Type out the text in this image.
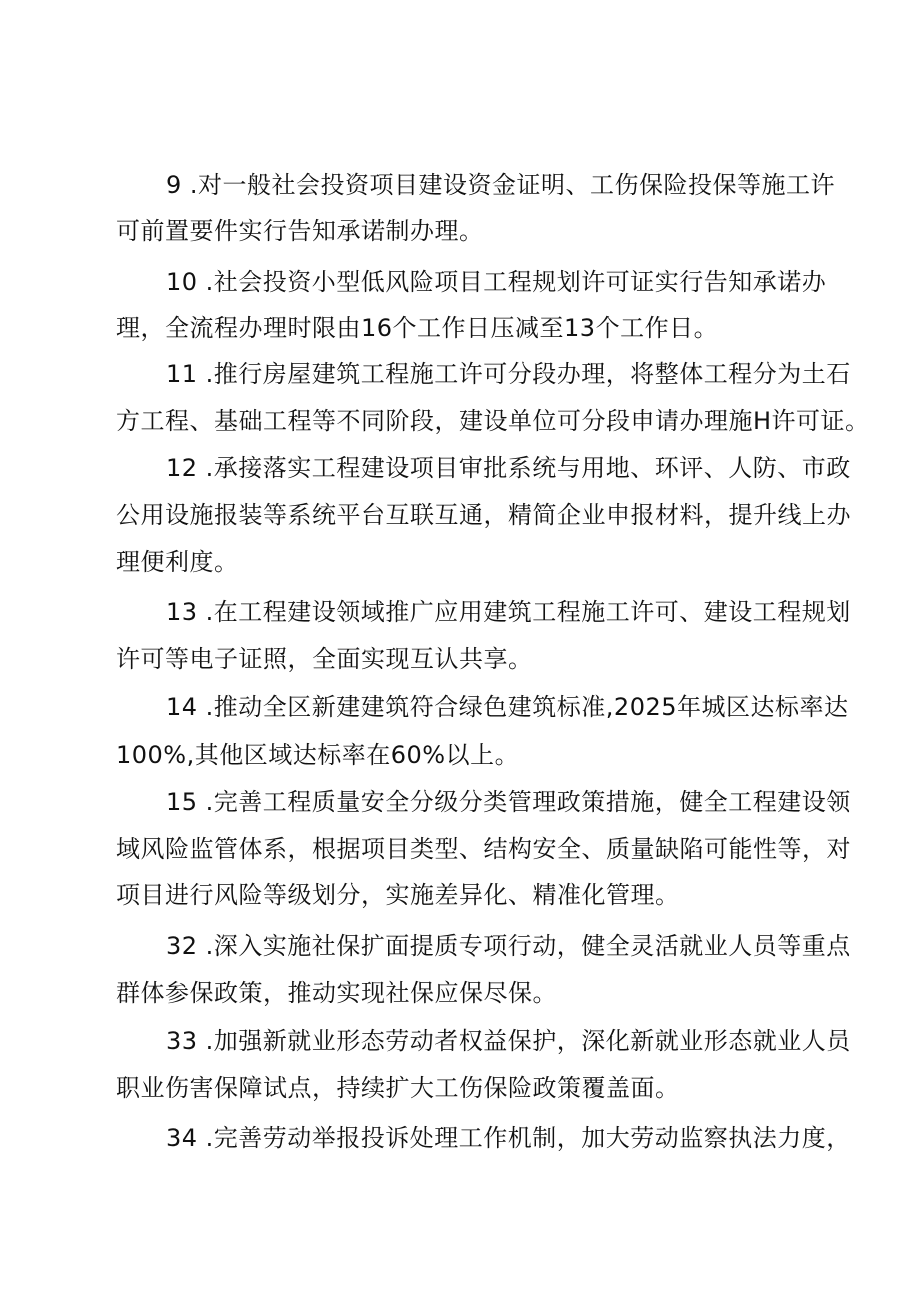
9 .对一般社会投资项目建设资金证明、工伤保险投保等施工许
可前置要件实行告知承诺制办理。
10 .社会投资小型低风险项目工程规划许可证实行告知承诺办
理，全流程办理时限由16个工作日压减至13个工作日。
11 .推行房屋建筑工程施工许可分段办理，将整体工程分为土石
方工程、基础工程等不同阶段，建设单位可分段申请办理施H许可证。
12 .承接落实工程建设项目审批系统与用地、环评、人防、市政
公用设施报装等系统平台互联互通，精简企业申报材料，提升线上办
理便利度。
13 .在工程建设领域推广应用建筑工程施工许可、建设工程规划
许可等电子证照，全面实现互认共享。
14 .推动全区新建建筑符合绿色建筑标准,2025年城区达标率达
100%,其他区域达标率在60%以上。
15 .完善工程质量安全分级分类管理政策措施，健全工程建设领
域风险监管体系，根据项目类型、结构安全、质量缺陷可能性等，对
项目进行风险等级划分，实施差异化、精准化管理。
32 .深入实施社保扩面提质专项行动，健全灵活就业人员等重点
群体参保政策，推动实现社保应保尽保。
33 .加强新就业形态劳动者权益保护，深化新就业形态就业人员
职业伤害保障试点，持续扩大工伤保险政策覆盖面。
34 .完善劳动举报投诉处理工作机制，加大劳动监察执法力度，
